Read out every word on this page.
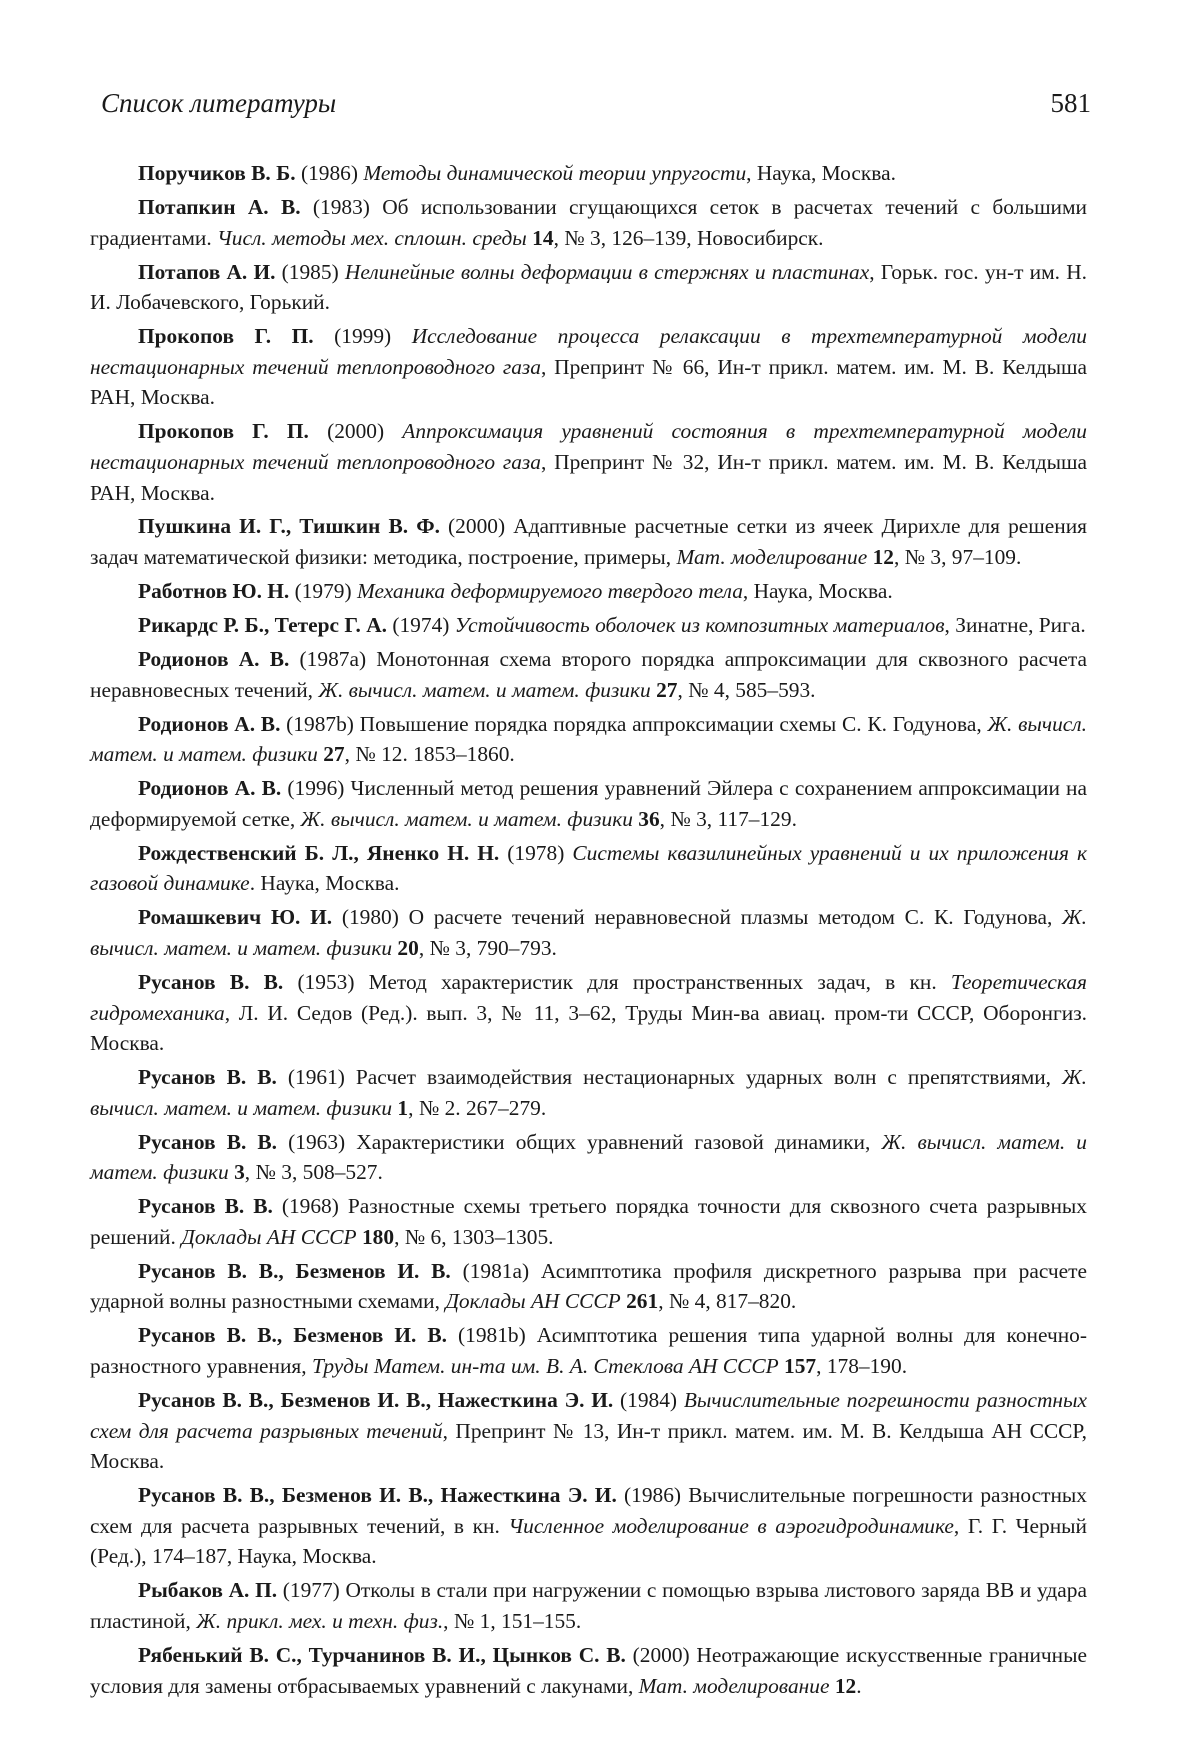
Список литературы	581
Поручиков В. Б. (1986) Методы динамической теории упругости, Наука, Москва.
Потапкин А. В. (1983) Об использовании сгущающихся сеток в расчетах течений с большими градиентами. Числ. методы мех. сплошн. среды 14, № 3, 126–139, Новосибирск.
Потапов А. И. (1985) Нелинейные волны деформации в стержнях и пластинах, Горьк. гос. ун-т им. Н. И. Лобачевского, Горький.
Прокопов Г. П. (1999) Исследование процесса релаксации в трехтемпературной модели нестационарных течений теплопроводного газа, Препринт № 66, Ин-т прикл. матем. им. М. В. Келдыша РАН, Москва.
Прокопов Г. П. (2000) Аппроксимация уравнений состояния в трехтемпературной модели нестационарных течений теплопроводного газа, Препринт № 32, Ин-т прикл. матем. им. М. В. Келдыша РАН, Москва.
Пушкина И. Г., Тишкин В. Ф. (2000) Адаптивные расчетные сетки из ячеек Дирихле для решения задач математической физики: методика, построение, примеры, Мат. моделирование 12, № 3, 97–109.
Работнов Ю. Н. (1979) Механика деформируемого твердого тела, Наука, Москва.
Рикардс Р. Б., Тетерс Г. А. (1974) Устойчивость оболочек из композитных материалов, Зинатне, Рига.
Родионов А. В. (1987a) Монотонная схема второго порядка аппроксимации для сквозного расчета неравновесных течений, Ж. вычисл. матем. и матем. физики 27, № 4, 585–593.
Родионов А. В. (1987b) Повышение порядка порядка аппроксимации схемы С. К. Годунова, Ж. вычисл. матем. и матем. физики 27, № 12. 1853–1860.
Родионов А. В. (1996) Численный метод решения уравнений Эйлера с сохранением аппроксимации на деформируемой сетке, Ж. вычисл. матем. и матем. физики 36, № 3, 117–129.
Рождественский Б. Л., Яненко Н. Н. (1978) Системы квазилинейных уравнений и их приложения к газовой динамике. Наука, Москва.
Ромашкевич Ю. И. (1980) О расчете течений неравновесной плазмы методом С. К. Годунова, Ж. вычисл. матем. и матем. физики 20, № 3, 790–793.
Русанов В. В. (1953) Метод характеристик для пространственных задач, в кн. Теоретическая гидромеханика, Л. И. Седов (Ред.). вып. 3, № 11, 3–62, Труды Мин-ва авиац. пром-ти СССР, Оборонгиз. Москва.
Русанов В. В. (1961) Расчет взаимодействия нестационарных ударных волн с препятствиями, Ж. вычисл. матем. и матем. физики 1, № 2. 267–279.
Русанов В. В. (1963) Характеристики общих уравнений газовой динамики, Ж. вычисл. матем. и матем. физики 3, № 3, 508–527.
Русанов В. В. (1968) Разностные схемы третьего порядка точности для сквозного счета разрывных решений. Доклады АН СССР 180, № 6, 1303–1305.
Русанов В. В., Безменов И. В. (1981a) Асимптотика профиля дискретного разрыва при расчете ударной волны разностными схемами, Доклады АН СССР 261, № 4, 817–820.
Русанов В. В., Безменов И. В. (1981b) Асимптотика решения типа ударной волны для конечно-разностного уравнения, Труды Матем. ин-та им. В. А. Стеклова АН СССР 157, 178–190.
Русанов В. В., Безменов И. В., Нажесткина Э. И. (1984) Вычислительные погрешности разностных схем для расчета разрывных течений, Препринт № 13, Ин-т прикл. матем. им. М. В. Келдыша АН СССР, Москва.
Русанов В. В., Безменов И. В., Нажесткина Э. И. (1986) Вычислительные погрешности разностных схем для расчета разрывных течений, в кн. Численное моделирование в аэрогидродинамике, Г. Г. Черный (Ред.), 174–187, Наука, Москва.
Рыбаков А. П. (1977) Отколы в стали при нагружении с помощью взрыва листового заряда ВВ и удара пластиной, Ж. прикл. мех. и техн. физ., № 1, 151–155.
Рябенький В. С., Турчанинов В. И., Цынков С. В. (2000) Неотражающие искусственные граничные условия для замены отбрасываемых уравнений с лакунами, Мат. моделирование 12.
